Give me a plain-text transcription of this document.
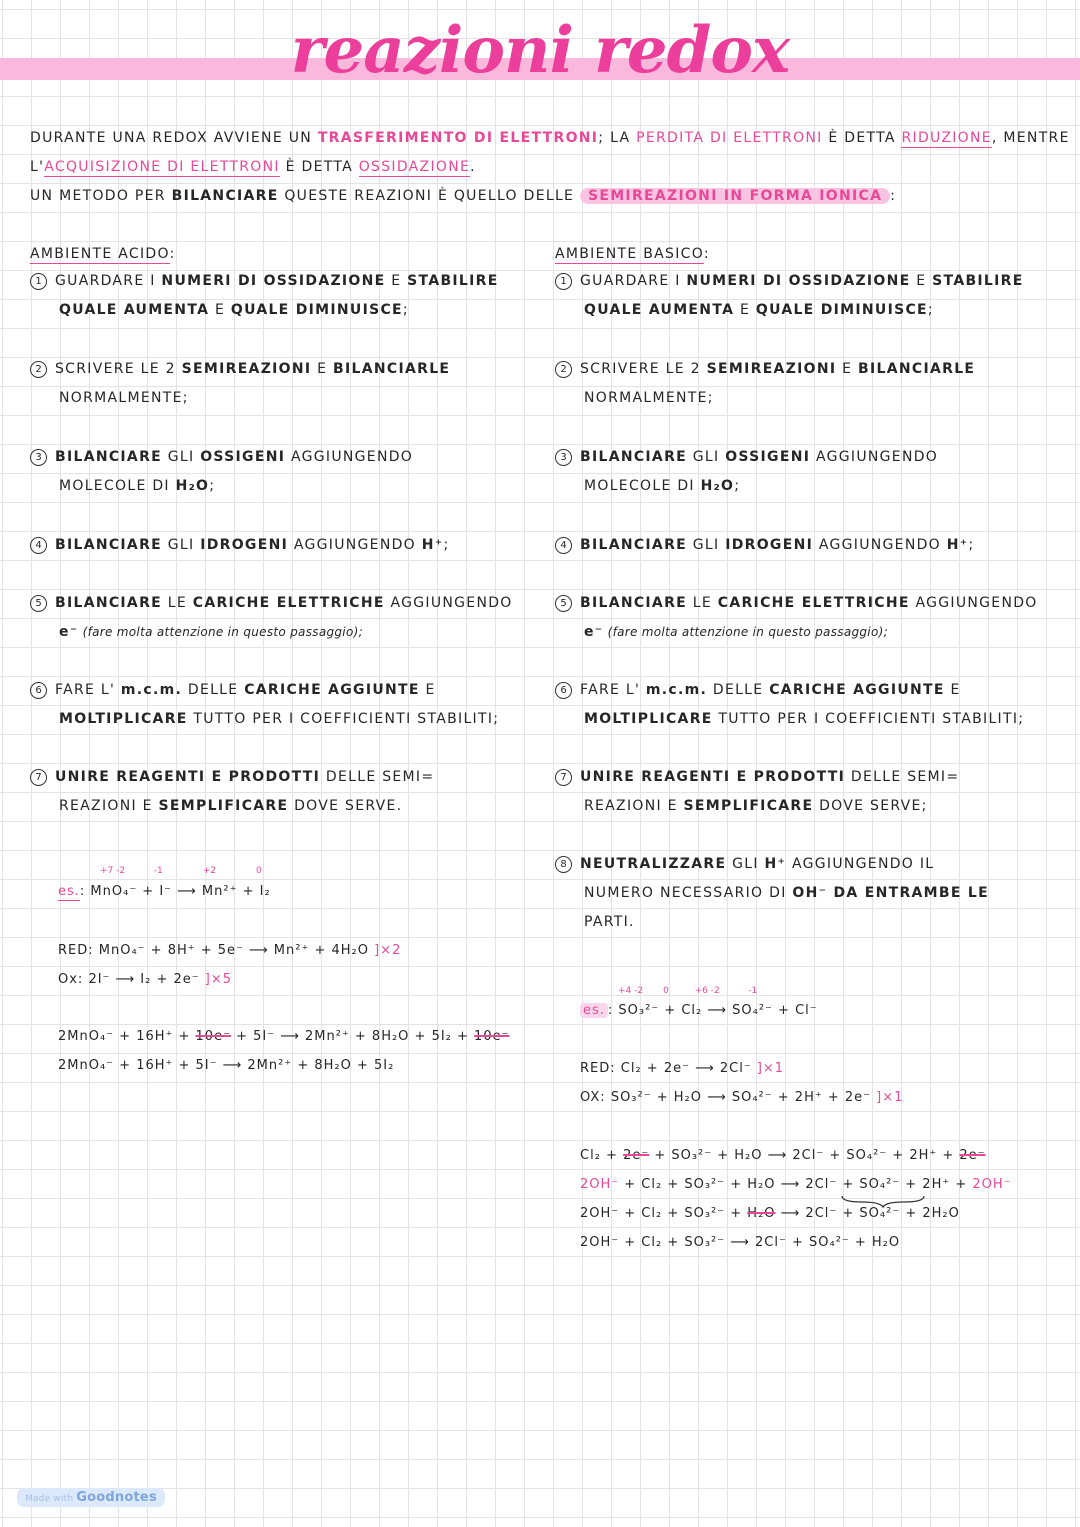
reazioni redox
DURANTE UNA REDOX AVVIENE UN TRASFERIMENTO DI ELETTRONI; LA PERDITA DI ELETTRONI È DETTA RIDUZIONE, MENTRE
L'ACQUISIZIONE DI ELETTRONI È DETTA OSSIDAZIONE.
UN METODO PER BILANCIARE QUESTE REAZIONI È QUELLO DELLE SEMIREAZIONI IN FORMA IONICA :
AMBIENTE ACIDO:
1 GUARDARE I NUMERI DI OSSIDAZIONE E STABILIRE
QUALE AUMENTA E QUALE DIMINUISCE;
2 SCRIVERE LE 2 SEMIREAZIONI E BILANCIARLE
NORMALMENTE;
3 BILANCIARE GLI OSSIGENI AGGIUNGENDO
MOLECOLE DI H₂O;
4 BILANCIARE GLI IDROGENI AGGIUNGENDO H⁺;
5 BILANCIARE LE CARICHE ELETTRICHE AGGIUNGENDO
e⁻ (fare molta attenzione in questo passaggio);
6 FARE L' m.c.m. DELLE CARICHE AGGIUNTE E
MOLTIPLICARE TUTTO PER I COEFFICIENTI STABILITI;
7 UNIRE REAGENTI E PRODOTTI DELLE SEMI=
REAZIONI E SEMPLIFICARE DOVE SERVE.
+7 -2          -1              +2              0
es.: MnO₄⁻ + I⁻ ⟶ Mn²⁺ + I₂
RED: MnO₄⁻ + 8H⁺ + 5e⁻ ⟶ Mn²⁺ + 4H₂O ]×2
Ox: 2I⁻ ⟶ I₂ + 2e⁻ ]×5
2MnO₄⁻ + 16H⁺ + 10e⁻ + 5I⁻ ⟶ 2Mn²⁺ + 8H₂O + 5I₂ + 10e⁻
2MnO₄⁻ + 16H⁺ + 5I⁻ ⟶ 2Mn²⁺ + 8H₂O + 5I₂
AMBIENTE BASICO:
1 GUARDARE I NUMERI DI OSSIDAZIONE E STABILIRE
QUALE AUMENTA E QUALE DIMINUISCE;
2 SCRIVERE LE 2 SEMIREAZIONI E BILANCIARLE
NORMALMENTE;
3 BILANCIARE GLI OSSIGENI AGGIUNGENDO
MOLECOLE DI H₂O;
4 BILANCIARE GLI IDROGENI AGGIUNGENDO H⁺;
5 BILANCIARE LE CARICHE ELETTRICHE AGGIUNGENDO
e⁻ (fare molta attenzione in questo passaggio);
6 FARE L' m.c.m. DELLE CARICHE AGGIUNTE E
MOLTIPLICARE TUTTO PER I COEFFICIENTI STABILITI;
7 UNIRE REAGENTI E PRODOTTI DELLE SEMI=
REAZIONI E SEMPLIFICARE DOVE SERVE;
8 NEUTRALIZZARE GLI H⁺ AGGIUNGENDO IL
NUMERO NECESSARIO DI OH⁻ DA ENTRAMBE LE
PARTI.
+4 -2       0         +6 -2          -1
es. : SO₃²⁻ + Cl₂ ⟶ SO₄²⁻ + Cl⁻
RED: Cl₂ + 2e⁻ ⟶ 2Cl⁻ ]×1
OX: SO₃²⁻ + H₂O ⟶ SO₄²⁻ + 2H⁺ + 2e⁻ ]×1
Cl₂ + 2e⁻ + SO₃²⁻ + H₂O ⟶ 2Cl⁻ + SO₄²⁻ + 2H⁺ + 2e⁻
2OH⁻ + Cl₂ + SO₃²⁻ + H₂O ⟶ 2Cl⁻ + SO₄²⁻ + 2H⁺ + 2OH⁻
2OH⁻ + Cl₂ + SO₃²⁻ + H₂O ⟶ 2Cl⁻ + SO₄²⁻ + 2H₂O
2OH⁻ + Cl₂ + SO₃²⁻ ⟶ 2Cl⁻ + SO₄²⁻ + H₂O
Made with Goodnotes
